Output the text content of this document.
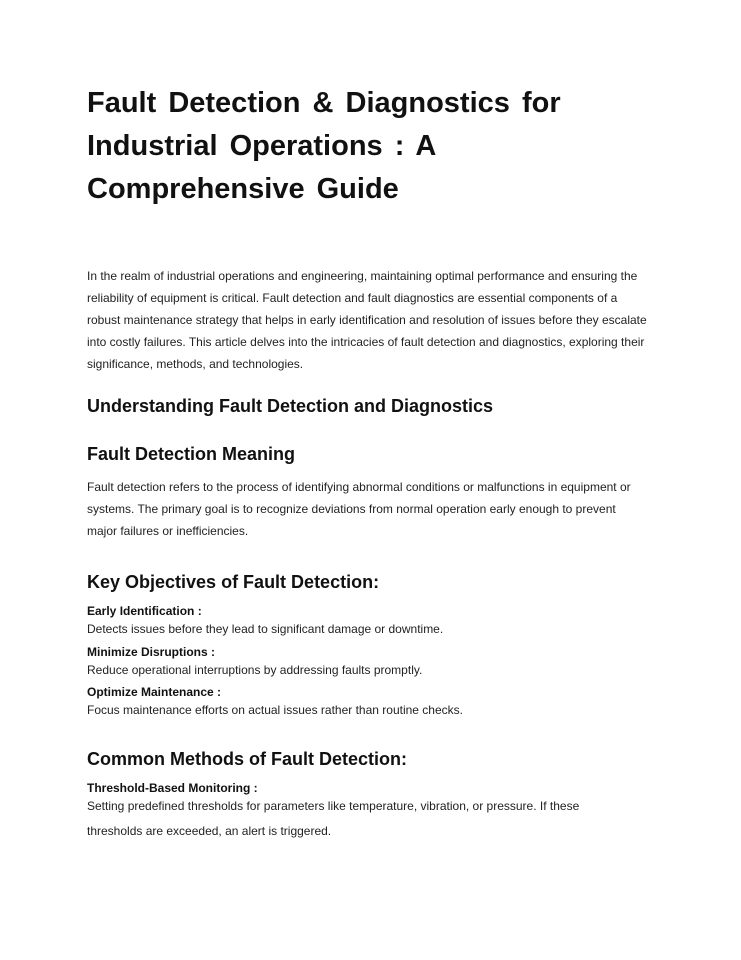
Fault Detection & Diagnostics for Industrial Operations : A Comprehensive Guide

In the realm of industrial operations and engineering, maintaining optimal performance and ensuring the reliability of equipment is critical. Fault detection and fault diagnostics are essential components of a robust maintenance strategy that helps in early identification and resolution of issues before they escalate into costly failures. This article delves into the intricacies of fault detection and diagnostics, exploring their significance, methods, and technologies.

Understanding Fault Detection and Diagnostics
Fault Detection Meaning

Fault detection refers to the process of identifying abnormal conditions or malfunctions in equipment or systems. The primary goal is to recognize deviations from normal operation early enough to prevent major failures or inefficiencies.

Key Objectives of Fault Detection:
Early Identification :
Detects issues before they lead to significant damage or downtime.
Minimize Disruptions :
Reduce operational interruptions by addressing faults promptly.
Optimize Maintenance :
Focus maintenance efforts on actual issues rather than routine checks.
Common Methods of Fault Detection:
Threshold-Based Monitoring :

Setting predefined thresholds for parameters like temperature, vibration, or pressure. If these thresholds are exceeded, an alert is triggered.
